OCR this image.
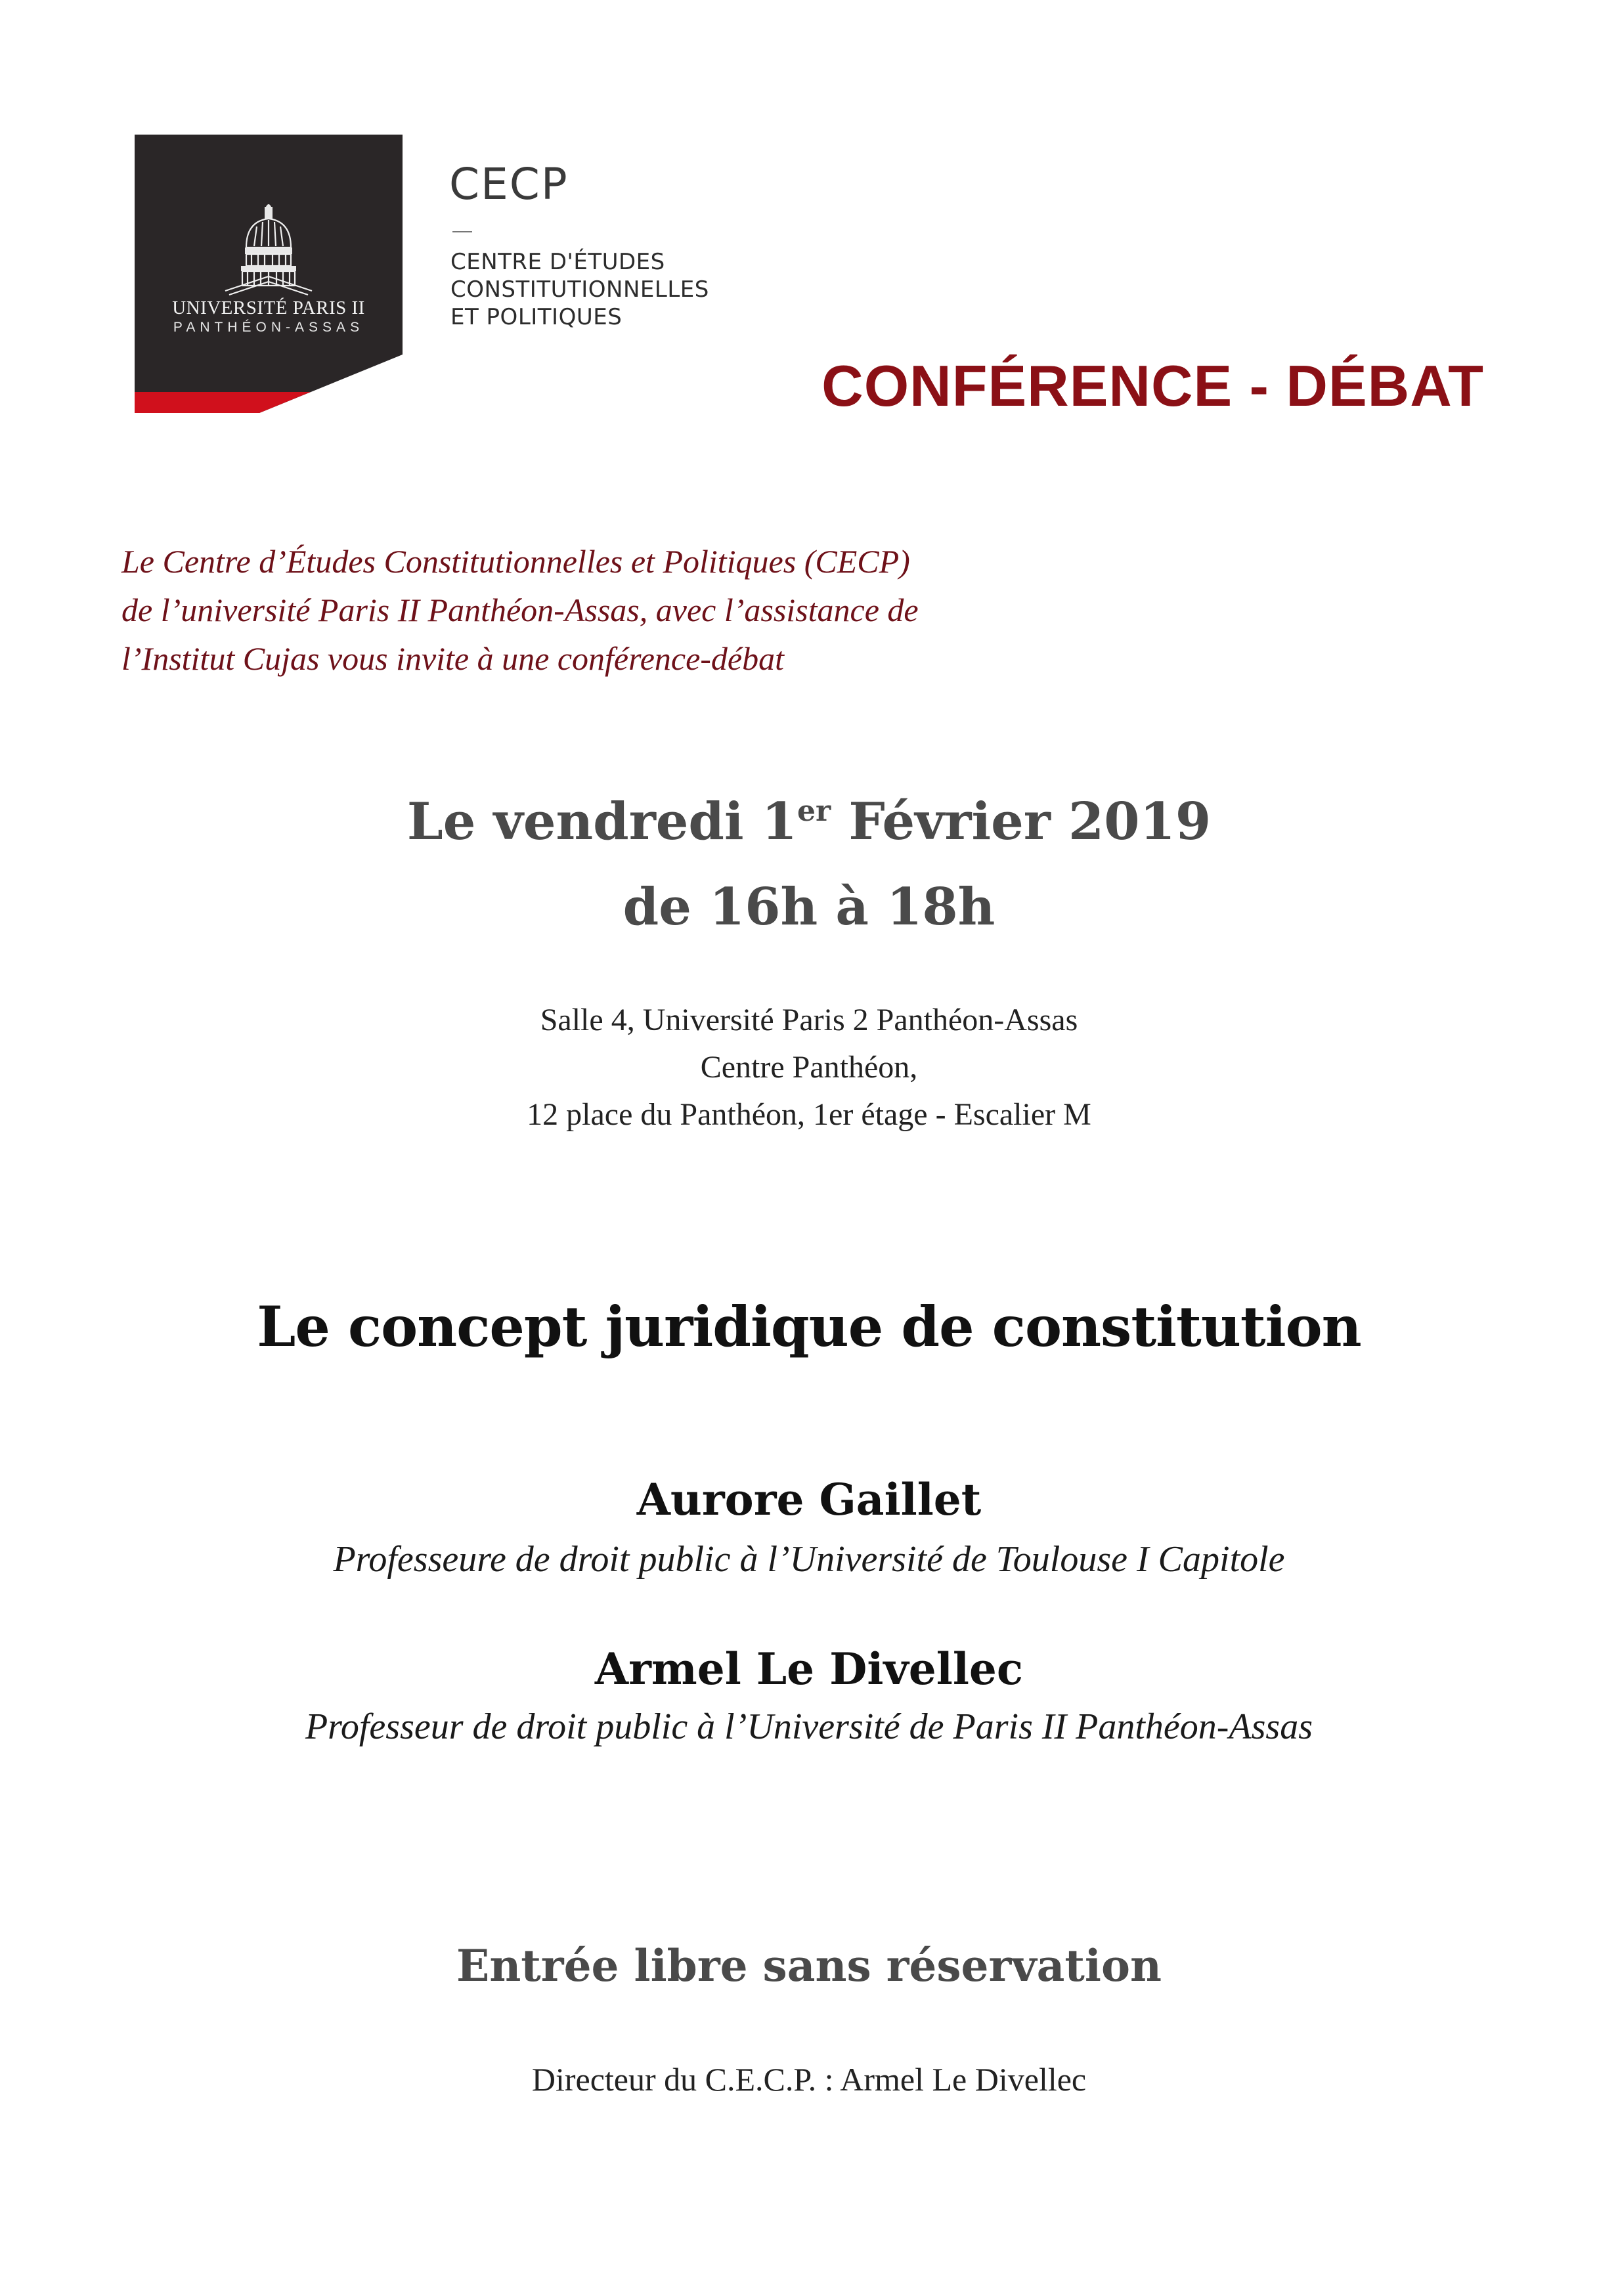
UNIVERSITÉ PARIS II
PANTHÉON-ASSAS
CECP
CENTRE D'ÉTUDES
CONSTITUTIONNELLES
ET POLITIQUES
CONFÉRENCE - DÉBAT
Le Centre d’Études Constitutionnelles et Politiques (CECP)
de l’université Paris II Panthéon-Assas, avec l’assistance de
l’Institut Cujas vous invite à une conférence-débat
Le vendredi 1er Février 2019
de 16h à 18h
Salle 4, Université Paris 2 Panthéon-Assas
Centre Panthéon,
12 place du Panthéon, 1er étage - Escalier M
Le concept juridique de constitution
Aurore Gaillet
Professeure de droit public à l’Université de Toulouse I Capitole
Armel Le Divellec
Professeur de droit public à l’Université de Paris II Panthéon-Assas
Entrée libre sans réservation
Directeur du C.E.C.P. : Armel Le Divellec
